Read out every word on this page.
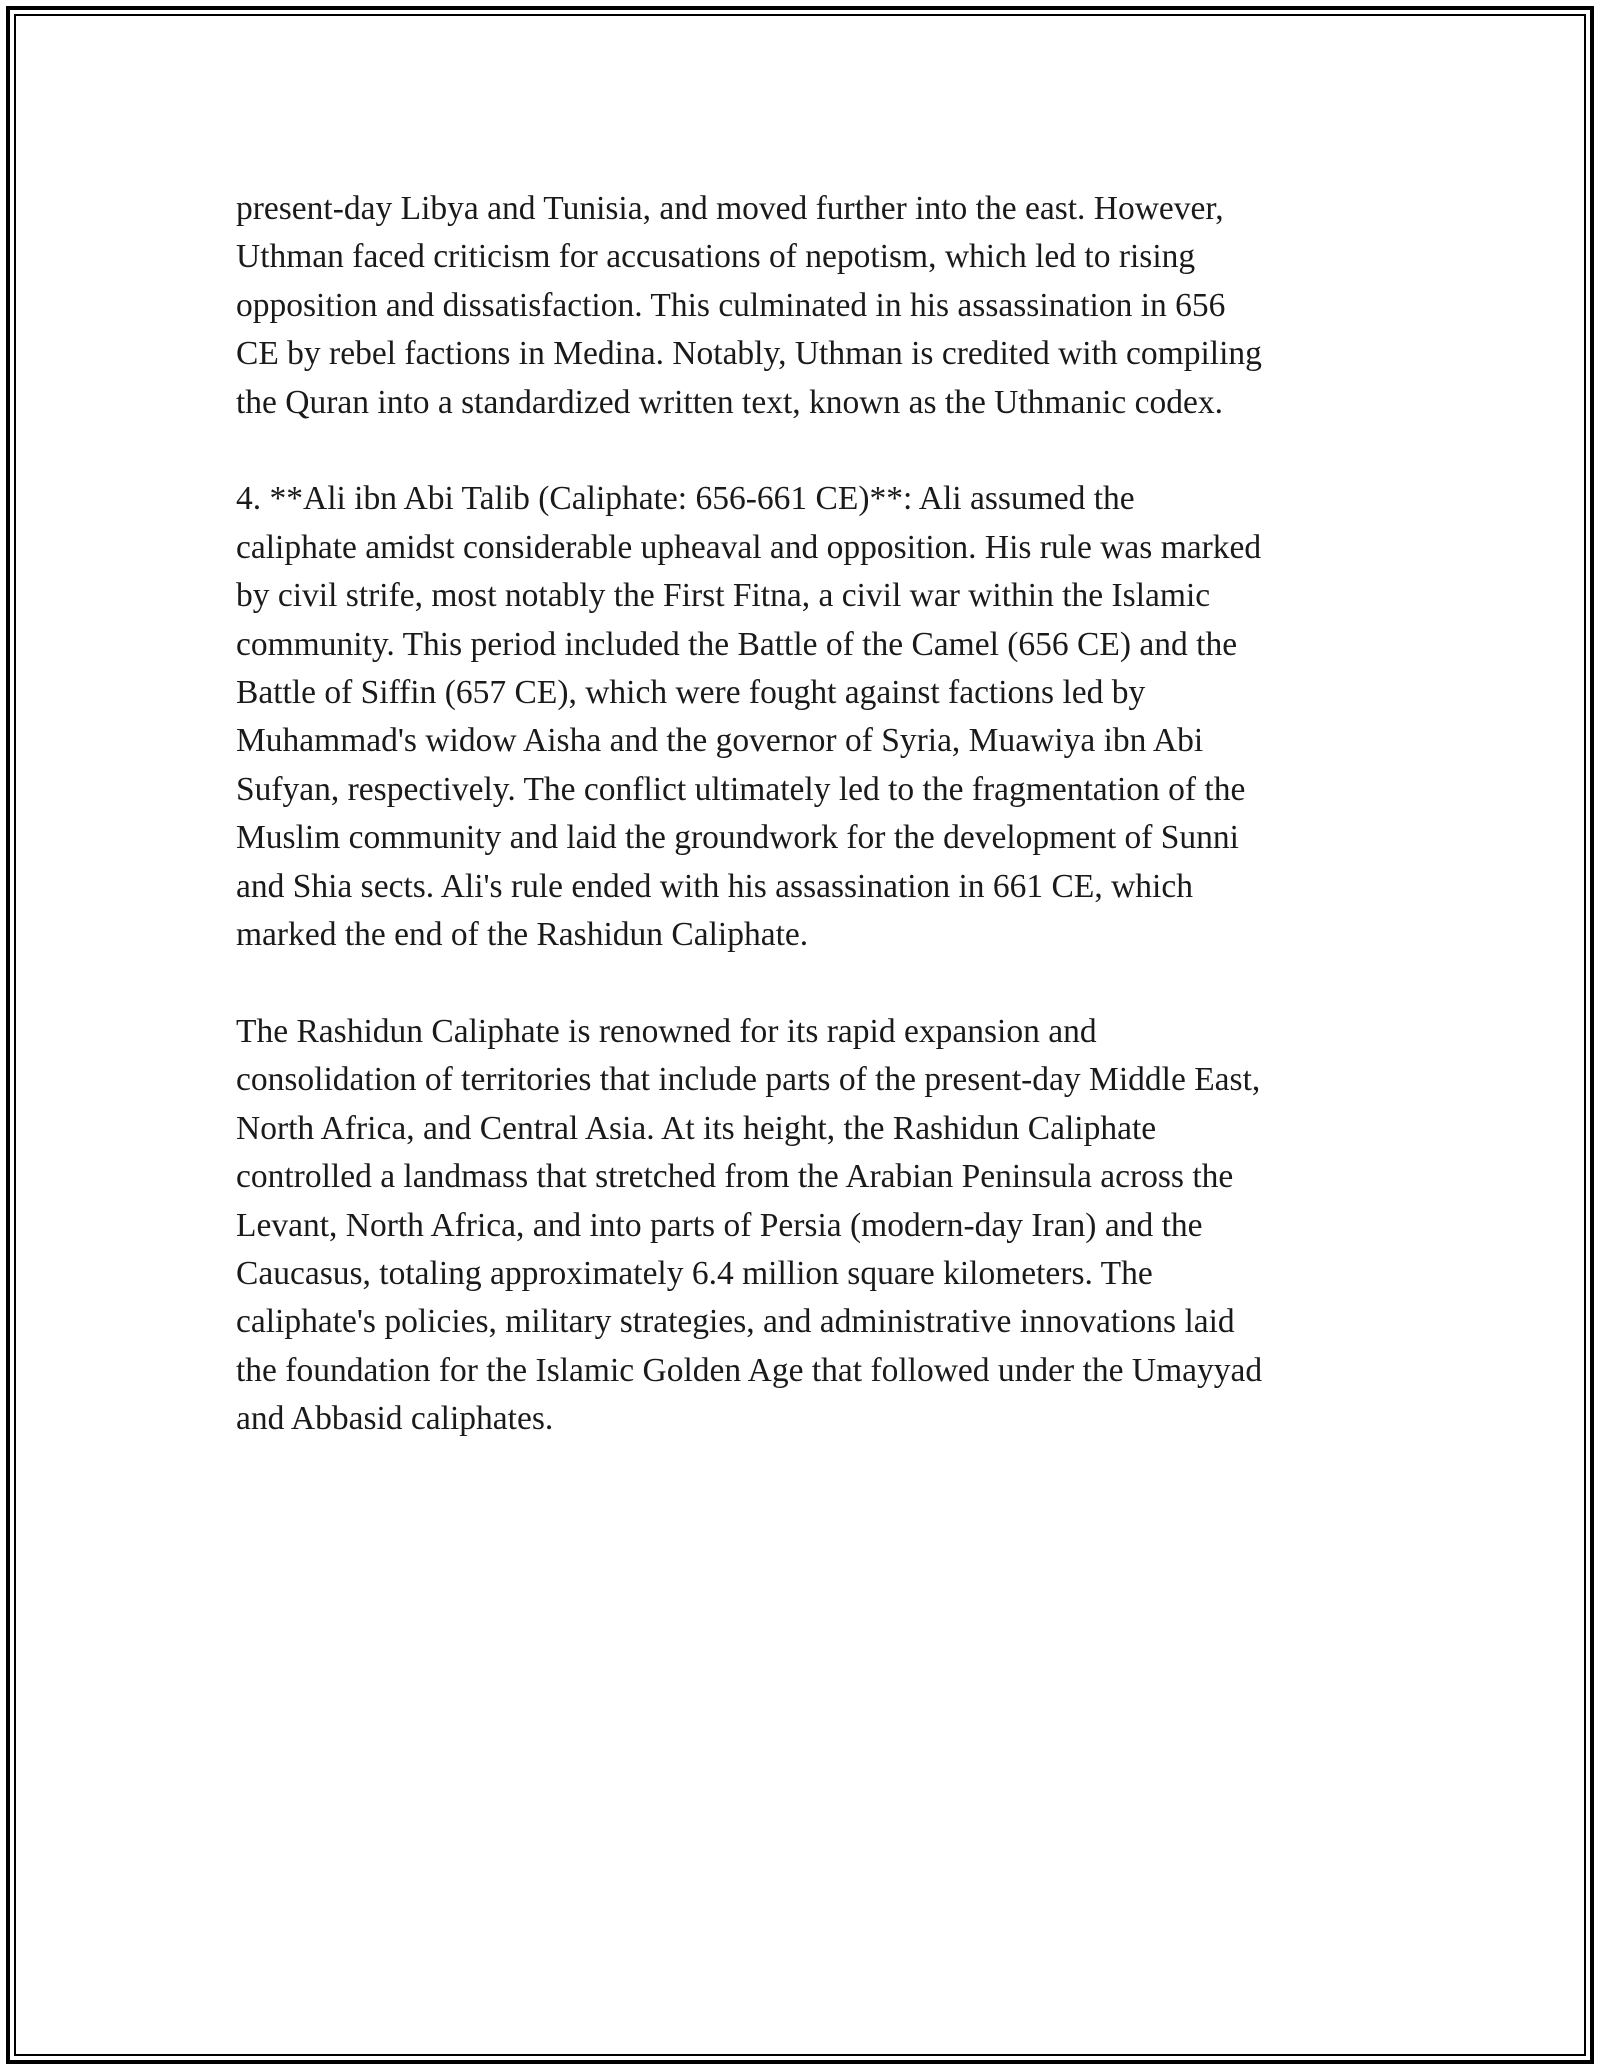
present-day Libya and Tunisia, and moved further into the east. However,
Uthman faced criticism for accusations of nepotism, which led to rising
opposition and dissatisfaction. This culminated in his assassination in 656
CE by rebel factions in Medina. Notably, Uthman is credited with compiling
the Quran into a standardized written text, known as the Uthmanic codex.

4. **Ali ibn Abi Talib (Caliphate: 656-661 CE)**: Ali assumed the
caliphate amidst considerable upheaval and opposition. His rule was marked
by civil strife, most notably the First Fitna, a civil war within the Islamic
community. This period included the Battle of the Camel (656 CE) and the
Battle of Siffin (657 CE), which were fought against factions led by
Muhammad's widow Aisha and the governor of Syria, Muawiya ibn Abi
Sufyan, respectively. The conflict ultimately led to the fragmentation of the
Muslim community and laid the groundwork for the development of Sunni
and Shia sects. Ali's rule ended with his assassination in 661 CE, which
marked the end of the Rashidun Caliphate.

The Rashidun Caliphate is renowned for its rapid expansion and
consolidation of territories that include parts of the present-day Middle East,
North Africa, and Central Asia. At its height, the Rashidun Caliphate
controlled a landmass that stretched from the Arabian Peninsula across the
Levant, North Africa, and into parts of Persia (modern-day Iran) and the
Caucasus, totaling approximately 6.4 million square kilometers. The
caliphate's policies, military strategies, and administrative innovations laid
the foundation for the Islamic Golden Age that followed under the Umayyad
and Abbasid caliphates.
